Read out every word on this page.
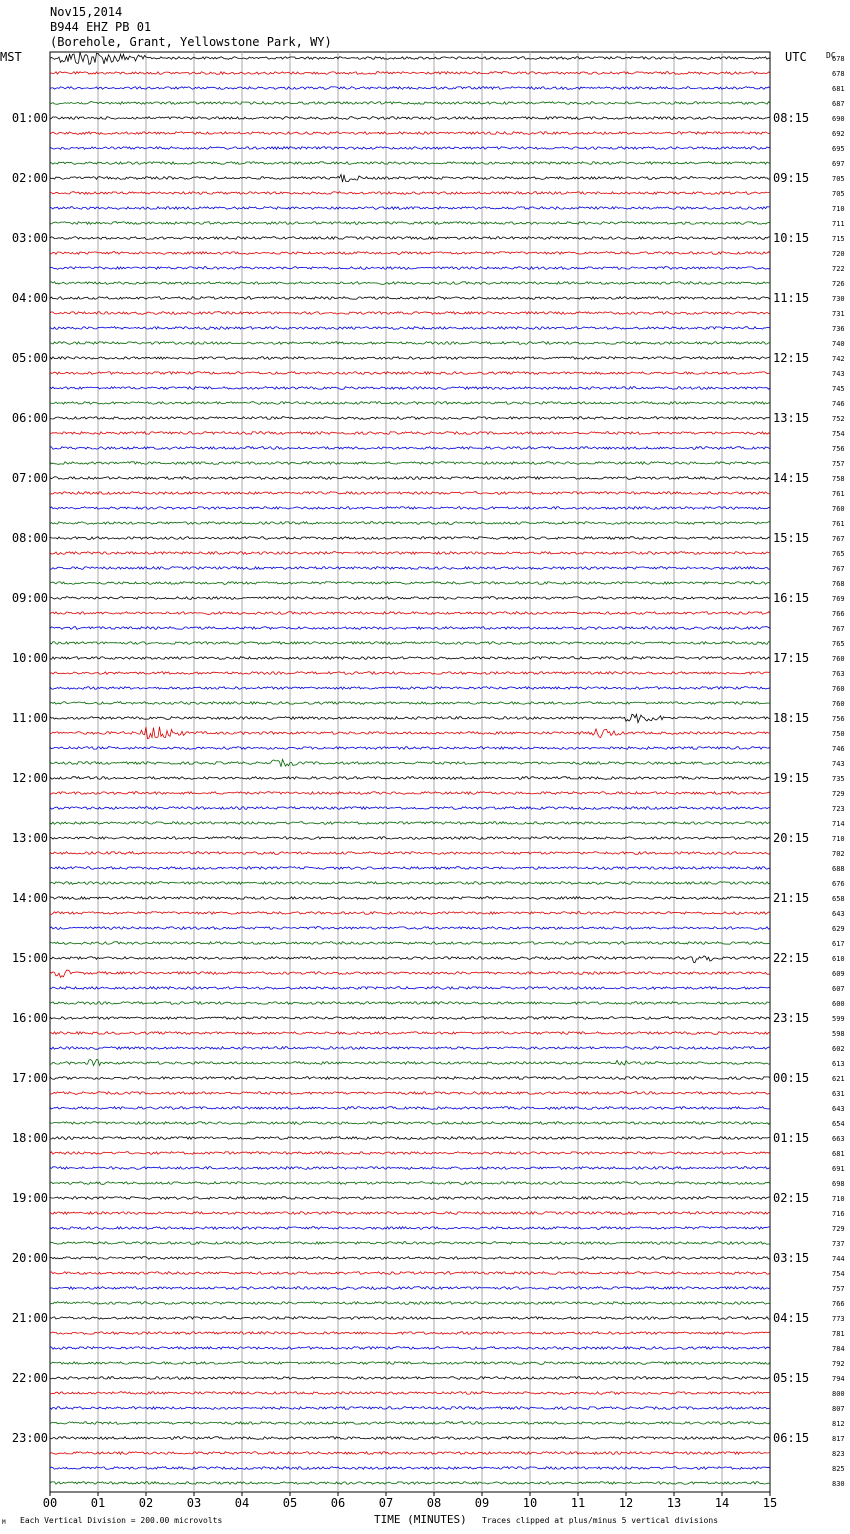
Nov15,2014
B944 EHZ PB 01
(Borehole, Grant, Yellowstone Park, WY)
MST	UTC DC
01:00
02:00
03:00
04:00
05:00
06:00
07:00
08:00
09:00
10:00
11:00
12:00
13:00
14:00
15:00
16:00
17:00
18:00
19:00
20:00
21:00
22:00
23:00
08:15
09:15
10:15
11:15
12:15
13:15
14:15
15:15
16:15
17:15
18:15
19:15
20:15
21:15
22:15
23:15
00:15
01:15
02:15
03:15
04:15
05:15
06:15
678
678
681
687
690
692
695
697
705
705
710
711
715
720
722
726
730
731
736
740
742
743
745
746
752
754
756
757
758
761
760
761
767
765
767
768
769
766
767
765
760
763
760
760
756
750
746
743
735
729
723
714
710
702
688
676
658
643
629
617
610
609
607
600
599
598
602
613
621
631
643
654
663
681
691
698
710
716
729
737
744
754
757
766
773
781
784
792
794
800
807
812
817
823
825
830
00	01	02	03	04	05	06	07	08	09	10	11	12	13	14	15
M Each Vertical Division = 200.00 microvolts	TIME (MINUTES) Traces clipped at plus/minus 5 vertical divisions
